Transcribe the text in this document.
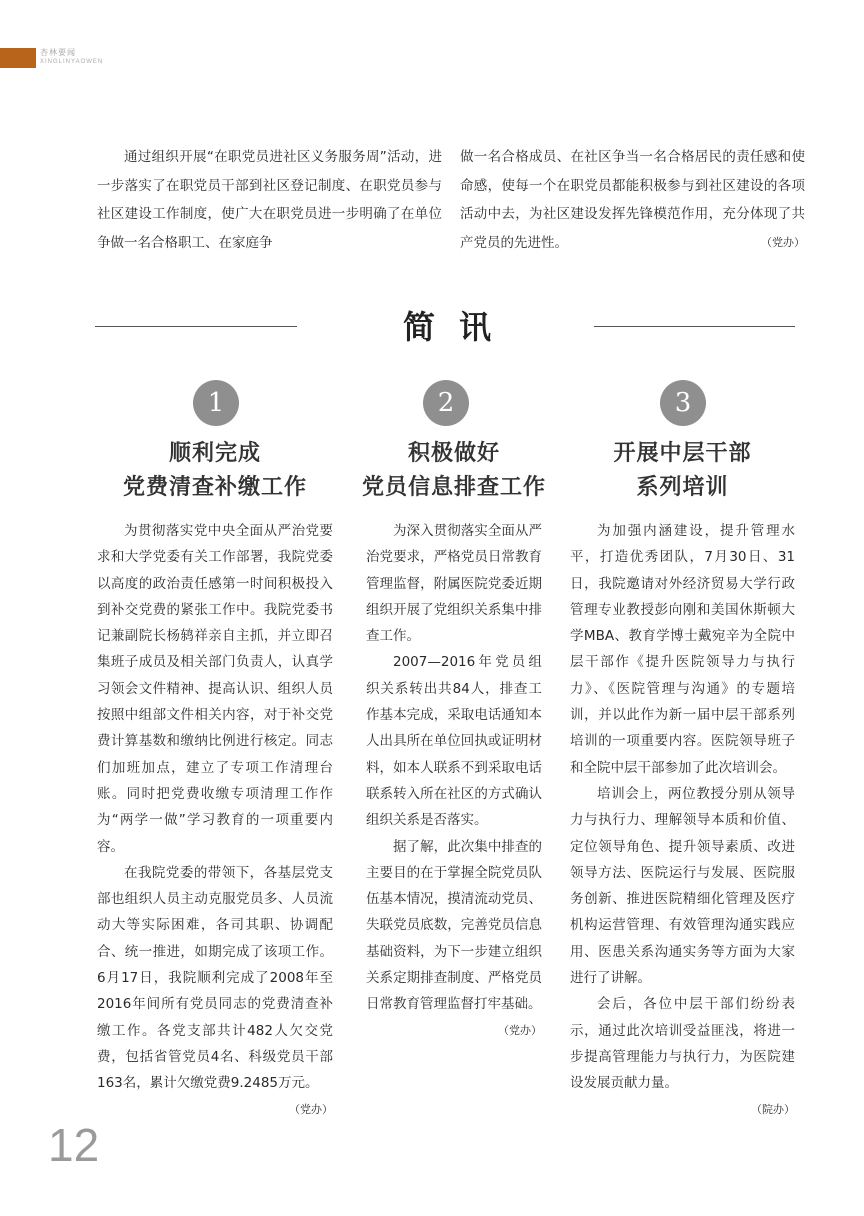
杏林要闻
XINGLINYAOWEN

通过组织开展“在职党员进社区义务服务周”活动，进一步落实了在职党员干部到社区登记制度、在职党员参与社区建设工作制度，使广大在职党员进一步明确了在单位争做一名合格职工、在家庭争

做一名合格成员、在社区争当一名合格居民的责任感和使命感，使每一个在职党员都能积极参与到社区建设的各项活动中去，为社区建设发挥先锋模范作用，充分体现了共产党员的先进性。	（党办）

简讯
1
顺利完成
党费清查补缴工作

为贯彻落实党中央全面从严治党要求和大学党委有关工作部署，我院党委以高度的政治责任感第一时间积极投入到补交党费的紧张工作中。我院党委书记兼副院长杨鸫祥亲自主抓，并立即召集班子成员及相关部门负责人，认真学习领会文件精神、提高认识、组织人员按照中组部文件相关内容，对于补交党费计算基数和缴纳比例进行核定。同志们加班加点，建立了专项工作清理台账。同时把党费收缴专项清理工作作为“两学一做”学习教育的一项重要内容。

在我院党委的带领下，各基层党支部也组织人员主动克服党员多、人员流动大等实际困难，各司其职、协调配合、统一推进，如期完成了该项工作。6月17日，我院顺利完成了2008年至2016年间所有党员同志的党费清查补缴工作。各党支部共计482人欠交党费，包括省管党员4名、科级党员干部163名，累计欠缴党费9.2485万元。

（党办）
2
积极做好
党员信息排查工作

为深入贯彻落实全面从严治党要求，严格党员日常教育管理监督，附属医院党委近期组织开展了党组织关系集中排查工作。

2007—2016年党员组织关系转出共84人，排查工作基本完成，采取电话通知本人出具所在单位回执或证明材料，如本人联系不到采取电话联系转入所在社区的方式确认组织关系是否落实。

据了解，此次集中排查的主要目的在于掌握全院党员队伍基本情况，摸清流动党员、失联党员底数，完善党员信息基础资料，为下一步建立组织关系定期排查制度、严格党员日常教育管理监督打牢基础。

（党办）
3
开展中层干部
系列培训

为加强内涵建设，提升管理水平，打造优秀团队，7月30日、31日，我院邀请对外经济贸易大学行政管理专业教授彭向刚和美国休斯顿大学MBA、教育学博士戴宛辛为全院中层干部作《提升医院领导力与执行力》、《医院管理与沟通》的专题培训，并以此作为新一届中层干部系列培训的一项重要内容。医院领导班子和全院中层干部参加了此次培训会。

培训会上，两位教授分别从领导力与执行力、理解领导本质和价值、定位领导角色、提升领导素质、改进领导方法、医院运行与发展、医院服务创新、推进医院精细化管理及医疗机构运营管理、有效管理沟通实践应用、医患关系沟通实务等方面为大家进行了讲解。

会后，各位中层干部们纷纷表示，通过此次培训受益匪浅，将进一步提高管理能力与执行力，为医院建设发展贡献力量。

（院办）
12
